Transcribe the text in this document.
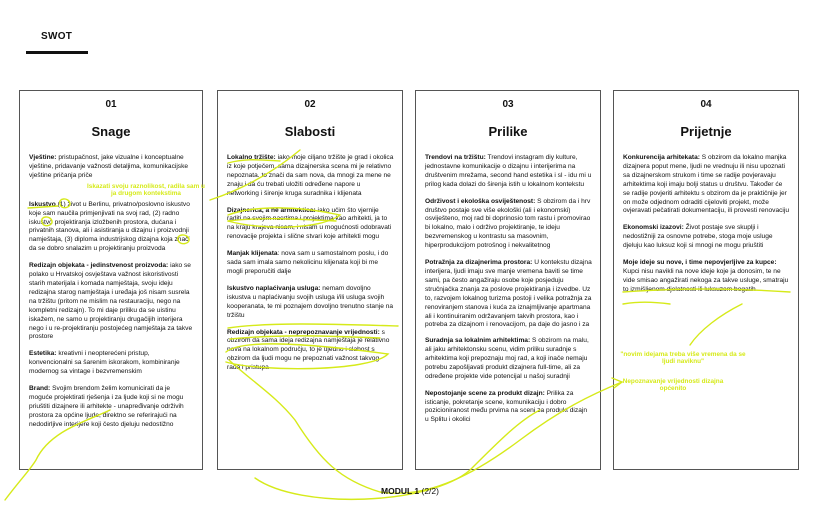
SWOT
01
Snage

Vještine: pristupačnost, jake vizualne i konceptualne vještine, pridavanje važnosti detaljima, komunikacijske vještine pričanja priče

Iskustvo (1) život u Berlinu, privatno/poslovno iskustvo koje sam naučila primjenjivati na svoj rad, (2) radno iskustvo projektiranja izložbenih prostora, dućana i privatnih stanova, ali i asistiranja u dizajnu i proizvodnji namještaja, (3) diploma industrijskog dizajna koja znači da se dobro snalazim u projektiranju proizvoda

Redizajn objekata - jedinstvenost proizvoda: iako se polako u Hrvatskoj osvještava važnost iskoristivosti starih materijala i komada namještaja, svoju ideju redizajna starog namještaja i uređaja još nisam susrela na tržištu (pritom ne mislim na restauraciju, nego na kompletni redizajn). To mi daje priliku da se uistinu iskažem, ne samo u projektiranju drugačijih interijera nego i u re-projektiranju postojećeg namještaja za takve prostore

Estetika: kreativni i neopterećeni pristup, konvencionalni sa šarenim iskorakom, kombiniranje modernog sa vintage i bezvremenskim

Brand: Svojim brendom želim komunicirati da je moguće projektirati rješenja i za ljude koji si ne mogu priuštiti dizajnere ili arhitekte - unapređivanje održivih prostora za općine ljude, direktno se referirajući na nedodirljive interijere koji često djeluju nedostižno

02
Slabosti

Lokalno tržište: iako moje ciljano tržište je grad i okolica iz koje potječem, sama dizajnerska scena mi je relativno nepoznata. to znači da sam nova, da mnogi za mene ne znaju i da ću trebati uložiti određene napore u networking i širenje kruga suradnika i klijenata

Dizajnerica, a ne arhitektica: iako učim što vjernije raditi na svojim nacrtima i projektima kao arhitekti, ja to na kraju krajeva nisam, i nisam u mogućnosti odobravati renovacije projekta i slične stvari koje arhitekti mogu

Manjak klijenata: nova sam u samostalnom poslu, i do sada sam imala samo nekolicinu klijenata koji bi me mogli preporučiti dalje

Iskustvo naplaćivanja usluga: nemam dovoljno iskustva u naplaćivanju svojih usluga i/ili usluga svojih kooperanata, te mi poznajem dovoljno trenutno stanje na tržištu

Redizajn objekata - neprepoznavanje vrijednosti: s obzirom da sama ideja redizajna namještaja je relativno nova na lokalnom području, to je ujedno i slabost s obzirom da ljudi mogu ne prepoznati važnost takvog rada i pristupa

03
Prilike

Trendovi na tržištu: Trendovi instagram diy kulture, jednostavne komunikacije o dizajnu i interijerima na društvenim mrežama, second hand estetika i sl - idu mi u prilog kada dolazi do širenja istih u lokalnom kontekstu

Održivost i ekološka osviještenost: S obzirom da i hrv društvo postaje sve više ekološki (ali i ekonomski) osviješteno, moj rad bi doprinosio tom rastu i promovirao bi lokalno, malo i održivo projektiranje, te ideju bezvremenskog u kontrastu sa masovnim, hiperprodukcijom potrošnog i nekvalitetnog

Potražnja za dizajnerima prostora: U kontekstu dizajna interijera, ljudi imaju sve manje vremena baviti se time sami, pa često angažiraju osobe koje posjeduju stručnjačka znanja za poslove projektiranja i izvedbe. Uz to, razvojem lokalnog turizma postoji i velika potražnja za renoviranjem stanova i kuća za iznajmljivanje apartmana ali i kontinuiranim održavanjem takvih prostora, kao i potreba za dizajnom i renovacijom, pa daje do jasno i za

Suradnja sa lokalnim arhitektima: S obzirom na malu, ali jaku arhitektonsku scenu, vidim priliku suradnje s arhitektima koji prepoznaju moj rad, a koji inače nemaju potrebu zapošljavati produkt dizajnera full-time, ali za određene projekte vide potencijal u našoj suradnji

Nepostojanje scene za produkt dizajn: Prilika za isticanje, pokretanje scene, komunikaciju i dobro pozicioniranost među prvima na sceni za produkt dizajn u Splitu i okolici

04
Prijetnje

Konkurencija arhitekata: S obzirom da lokalno manjka dizajnera poput mene, ljudi ne vrednuju ili nisu upoznati sa dizajnerskom strukom i time se radije povjeravaju arhitektima koji imaju bolji status u društvu. Također će se radije povjeriti arhitektu s obzirom da je praktičnije jer on može odjednom odraditi cijeloviti projekt, može ovjeravati pečatirati dokumentaciju, ili provesti renovaciju

Ekonomski izazovi: Život postaje sve skuplji i nedostižniji za osnovne potrebe, stoga moje usluge djeluju kao luksuz koji si mnogi ne mogu priuštiti

Moje ideje su nove, i time nepovjerljive za kupce: Kupci nisu navikli na nove ideje koje ja donosim, te ne vide smisao angažirati nekoga za takve usluge, smatraju to izmišljenom djelatnosti ili luksuzom bogatih

Iskazati svoju raznolikost, radila sam u ja drugom kontekstima
"novim idejama treba više vremena da se ljudi naviknu"
Nepoznavanje vrijednosti dizajna općenito
MODUL 1 (2/2)
